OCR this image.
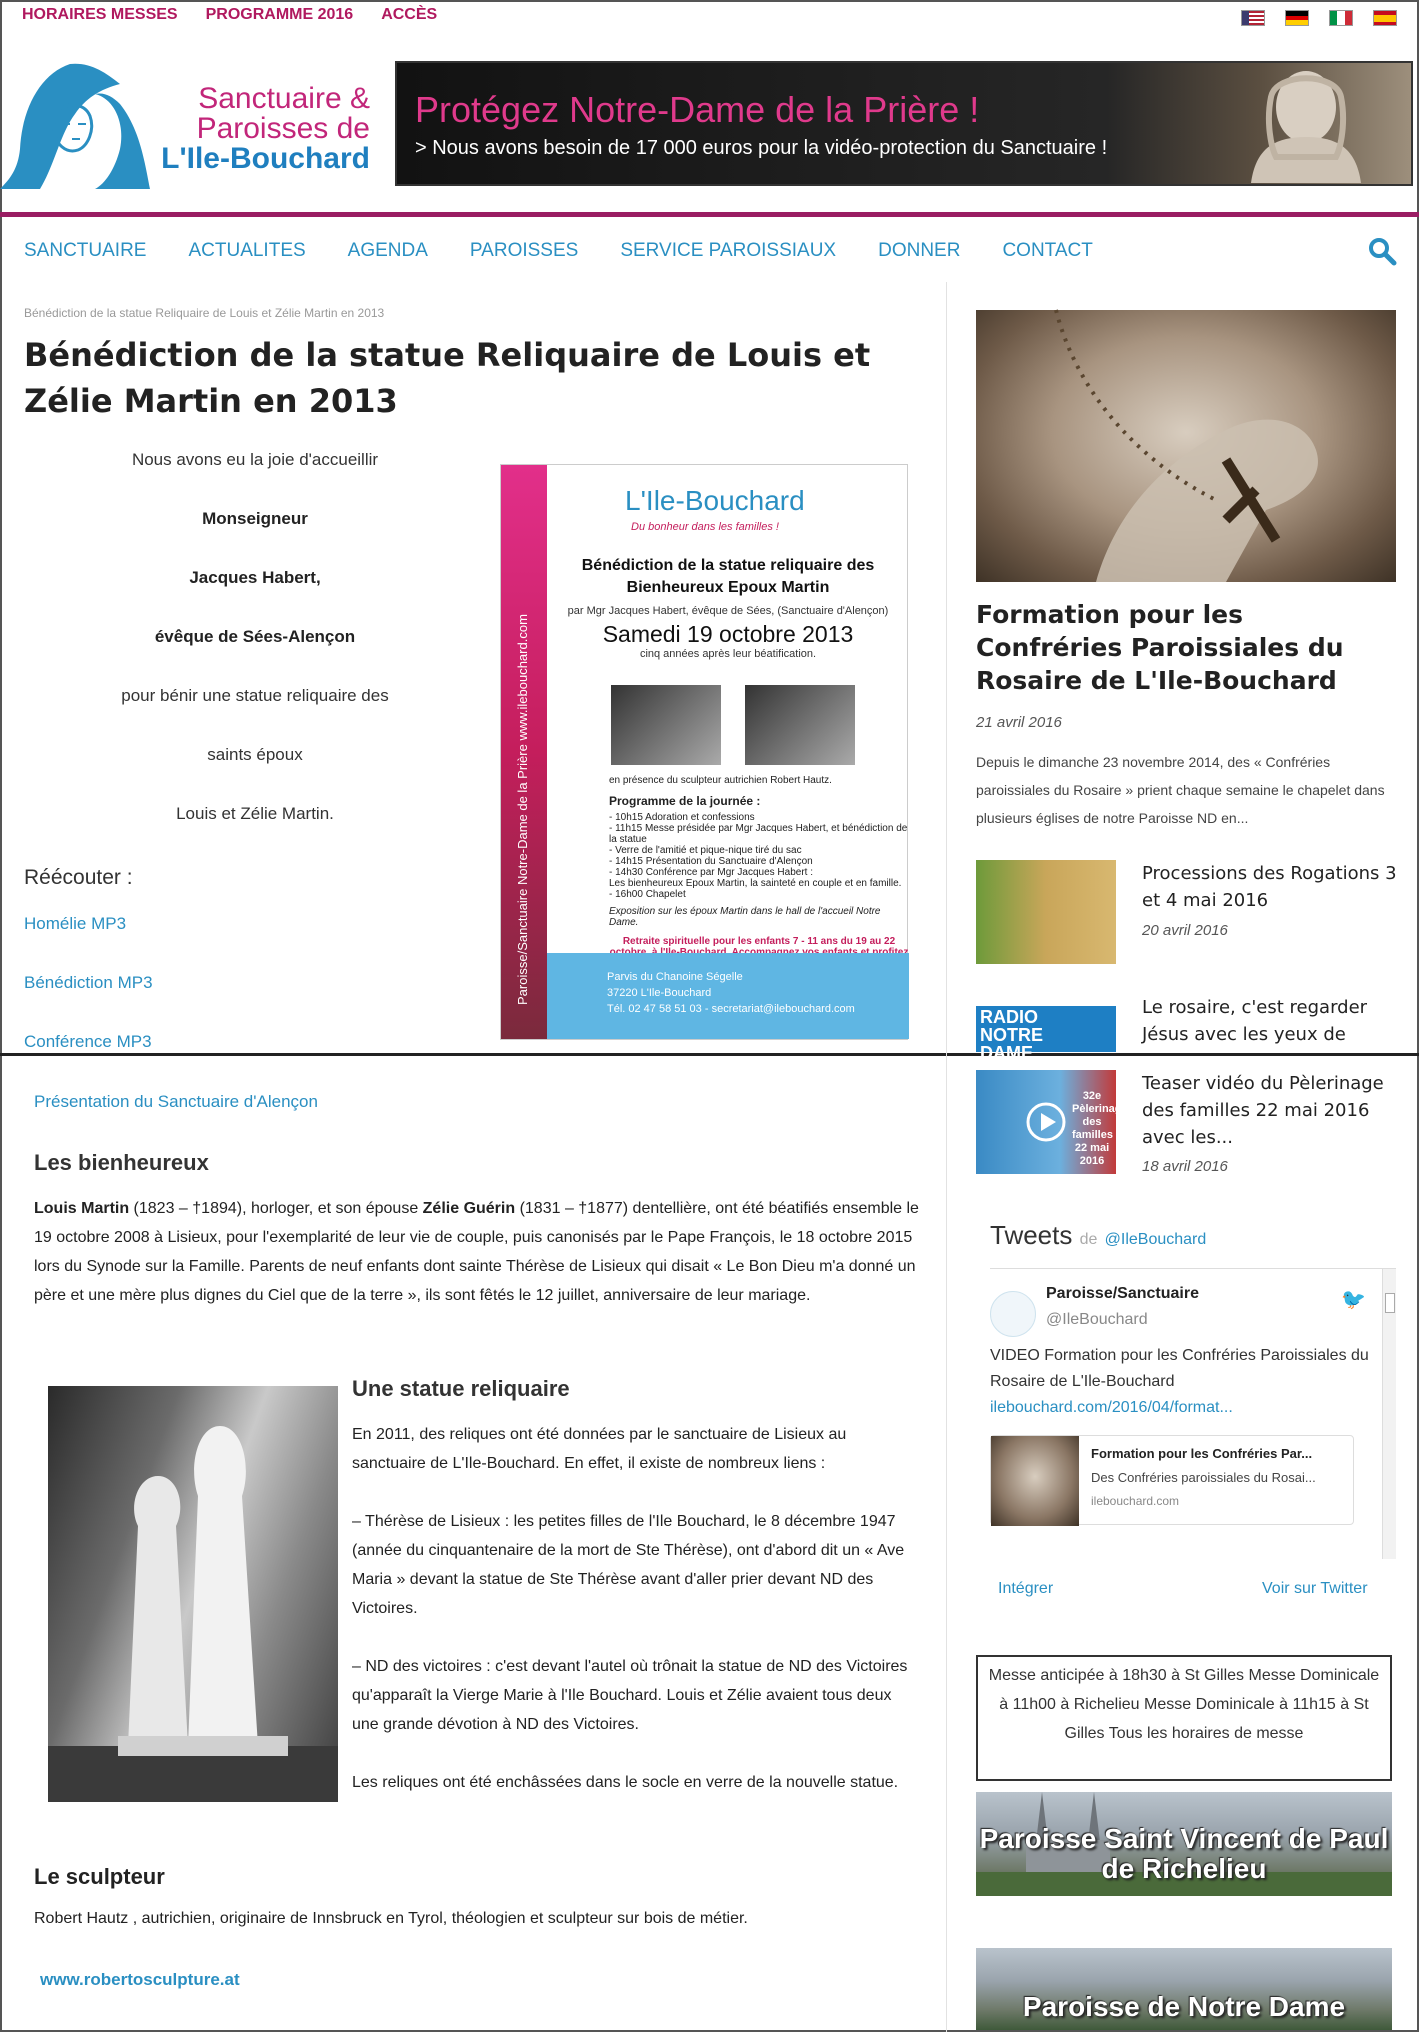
HORAIRES MESSES PROGRAMME 2016 ACCÈS
Sanctuaire &
Paroisses de
L'Ile-Bouchard
Protégez Notre-Dame de la Prière !
> Nous avons besoin de 17 000 euros pour la vidéo-protection du Sanctuaire !
SANCTUAIRE ACTUALITES AGENDA PAROISSES SERVICE PAROISSIAUX DONNER CONTACT
Bénédiction de la statue Reliquaire de Louis et Zélie Martin en 2013
Bénédiction de la statue Reliquaire de Louis et Zélie Martin en 2013

Nous avons eu la joie d'accueillir

Monseigneur

Jacques Habert,

évêque de Sées-Alençon

pour bénir une statue reliquaire des

saints époux

Louis et Zélie Martin.	Paroisse/Sanctuaire Notre-Dame de la Prière www.ilebouchard.com
L'Ile-Bouchard
Du bonheur dans les familles !
Bénédiction de la statue reliquaire des Bienheureux Epoux Martin
par Mgr Jacques Habert, évêque de Sées, (Sanctuaire d'Alençon)
Samedi 19 octobre 2013
cinq années après leur béatification.
en présence du sculpteur autrichien Robert Hautz.
Programme de la journée :
- 10h15 Adoration et confessions
- 11h15 Messe présidée par Mgr Jacques Habert, et bénédiction de la statue
- Verre de l'amitié et pique-nique tiré du sac
- 14h15 Présentation du Sanctuaire d'Alençon
- 14h30 Conférence par Mgr Jacques Habert :
Les bienheureux Epoux Martin, la sainteté en couple et en famille.
- 16h00 Chapelet
Exposition sur les époux Martin dans le hall de l'accueil Notre Dame.
Retraite spirituelle pour les enfants 7 - 11 ans du 19 au 22
Parvis du Chanoine Ségelle
37220 L'Ile-Bouchard
Tél. 02 47 58 51 03 - secretariat@ilebouchard.com
Réécouter :
Homélie MP3
Bénédiction MP3
Conférence MP3
Présentation du Sanctuaire d'Alençon
Les bienheureux

Louis Martin (1823 – †1894), horloger, et son épouse Zélie Guérin (1831 – †1877) dentellière, ont été béatifiés ensemble le 19 octobre 2008 à Lisieux, pour l'exemplarité de leur vie de couple, puis canonisés par le Pape François, le 18 octobre 2015 lors du Synode sur la Famille. Parents de neuf enfants dont sainte Thérèse de Lisieux qui disait « Le Bon Dieu m'a donné un père et une mère plus dignes du Ciel que de la terre », ils sont fêtés le 12 juillet, anniversaire de leur mariage.

Une statue reliquaire

En 2011, des reliques ont été données par le sanctuaire de Lisieux au sanctuaire de L'Ile-Bouchard. En effet, il existe de nombreux liens :

– Thérèse de Lisieux : les petites filles de l'Ile Bouchard, le 8 décembre 1947 (année du cinquantenaire de la mort de Ste Thérèse), ont d'abord dit un « Ave Maria » devant la statue de Ste Thérèse avant d'aller prier devant ND des Victoires.

– ND des victoires : c'est devant l'autel où trônait la statue de ND des Victoires qu'apparaît la Vierge Marie à l'Ile Bouchard. Louis et Zélie avaient tous deux une grande dévotion à ND des Victoires.

Les reliques ont été enchâssées dans le socle en verre de la nouvelle statue.

Le sculpteur

Robert Hautz , autrichien, originaire de Innsbruck en Tyrol, théologien et sculpteur sur bois de métier.

www.robertosculpture.at
Formation pour les Confréries Paroissiales du Rosaire de L'Ile-Bouchard
21 avril 2016
Depuis le dimanche 23 novembre 2014, des « Confréries paroissiales du Rosaire » prient chaque semaine le chapelet dans plusieurs églises de notre Paroisse ND en...
Processions des Rogations 3 et 4 mai 2016
20 avril 2016
RADIO NOTRE DAME
Le rosaire, c'est regarder Jésus avec les yeux de
32e Pèlerinage des familles 22 mai 2016
Teaser vidéo du Pèlerinage des familles 22 mai 2016 avec les...
18 avril 2016
Tweets de @IleBouchard
Paroisse/Sanctuaire
@IleBouchard
🐦
VIDEO Formation pour les Confréries Paroissiales du Rosaire de L'Ile-Bouchard
ilebouchard.com/2016/04/format...
Formation pour les Confréries Par...
Des Confréries paroissiales du Rosai...
ilebouchard.com
Intégrer	Voir sur Twitter
Messe anticipée à 18h30 à St Gilles Messe Dominicale à 11h00 à Richelieu Messe Dominicale à 11h15 à St Gilles Tous les horaires de messe
Paroisse Saint Vincent de Paul de Richelieu
Paroisse de Notre Dame
